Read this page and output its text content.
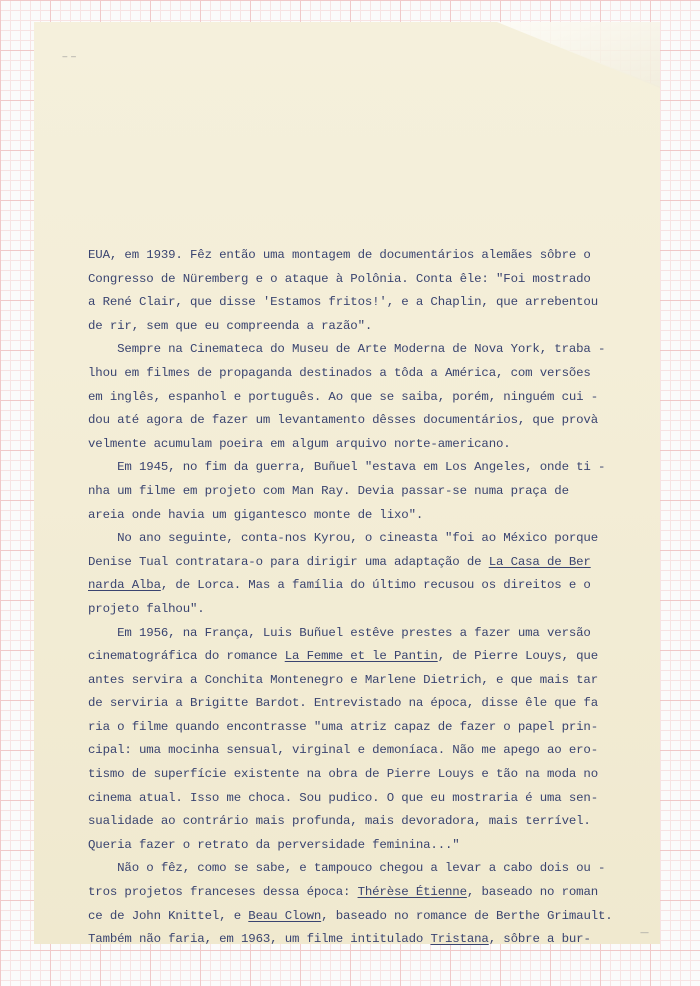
‒ ‒
—
EUA, em 1939. Fêz então uma montagem de documentários alemães sôbre o
Congresso de Nüremberg e o ataque à Polônia. Conta êle: "Foi mostrado
a René Clair, que disse 'Estamos fritos!', e a Chaplin, que arrebentou
de rir, sem que eu compreenda a razão".
Sempre na Cinemateca do Museu de Arte Moderna de Nova York, traba -
lhou em filmes de propaganda destinados a tôda a América, com versões
em inglês, espanhol e português. Ao que se saiba, porém, ninguém cui -
dou até agora de fazer um levantamento dêsses documentários, que provà
velmente acumulam poeira em algum arquivo norte-americano.
Em 1945, no fim da guerra, Buñuel "estava em Los Angeles, onde ti -
nha um filme em projeto com Man Ray. Devia passar-se numa praça de
areia onde havia um gigantesco monte de lixo".
No ano seguinte, conta-nos Kyrou, o cineasta "foi ao México porque
Denise Tual contratara-o para dirigir uma adaptação de La Casa de Ber
narda Alba, de Lorca. Mas a família do último recusou os direitos e o
projeto falhou".
Em 1956, na França, Luis Buñuel estêve prestes a fazer uma versão
cinematográfica do romance La Femme et le Pantin, de Pierre Louys, que
antes servira a Conchita Montenegro e Marlene Dietrich, e que mais tar
de serviria a Brigitte Bardot. Entrevistado na época, disse êle que fa
ria o filme quando encontrasse "uma atriz capaz de fazer o papel prin-
cipal: uma mocinha sensual, virginal e demoníaca. Não me apego ao ero-
tismo de superfície existente na obra de Pierre Louys e tão na moda no
cinema atual. Isso me choca. Sou pudico. O que eu mostraria é uma sen-
sualidade ao contrário mais profunda, mais devoradora, mais terrível.
Queria fazer o retrato da perversidade feminina..."
Não o fêz, como se sabe, e tampouco chegou a levar a cabo dois ou -
tros projetos franceses dessa época: Thérèse Étienne, baseado no roman
ce de John Knittel, e Beau Clown, baseado no romance de Berthe Grimault.
Também não faria, em 1963, um filme intitulado Tristana, sôbre a bur-
